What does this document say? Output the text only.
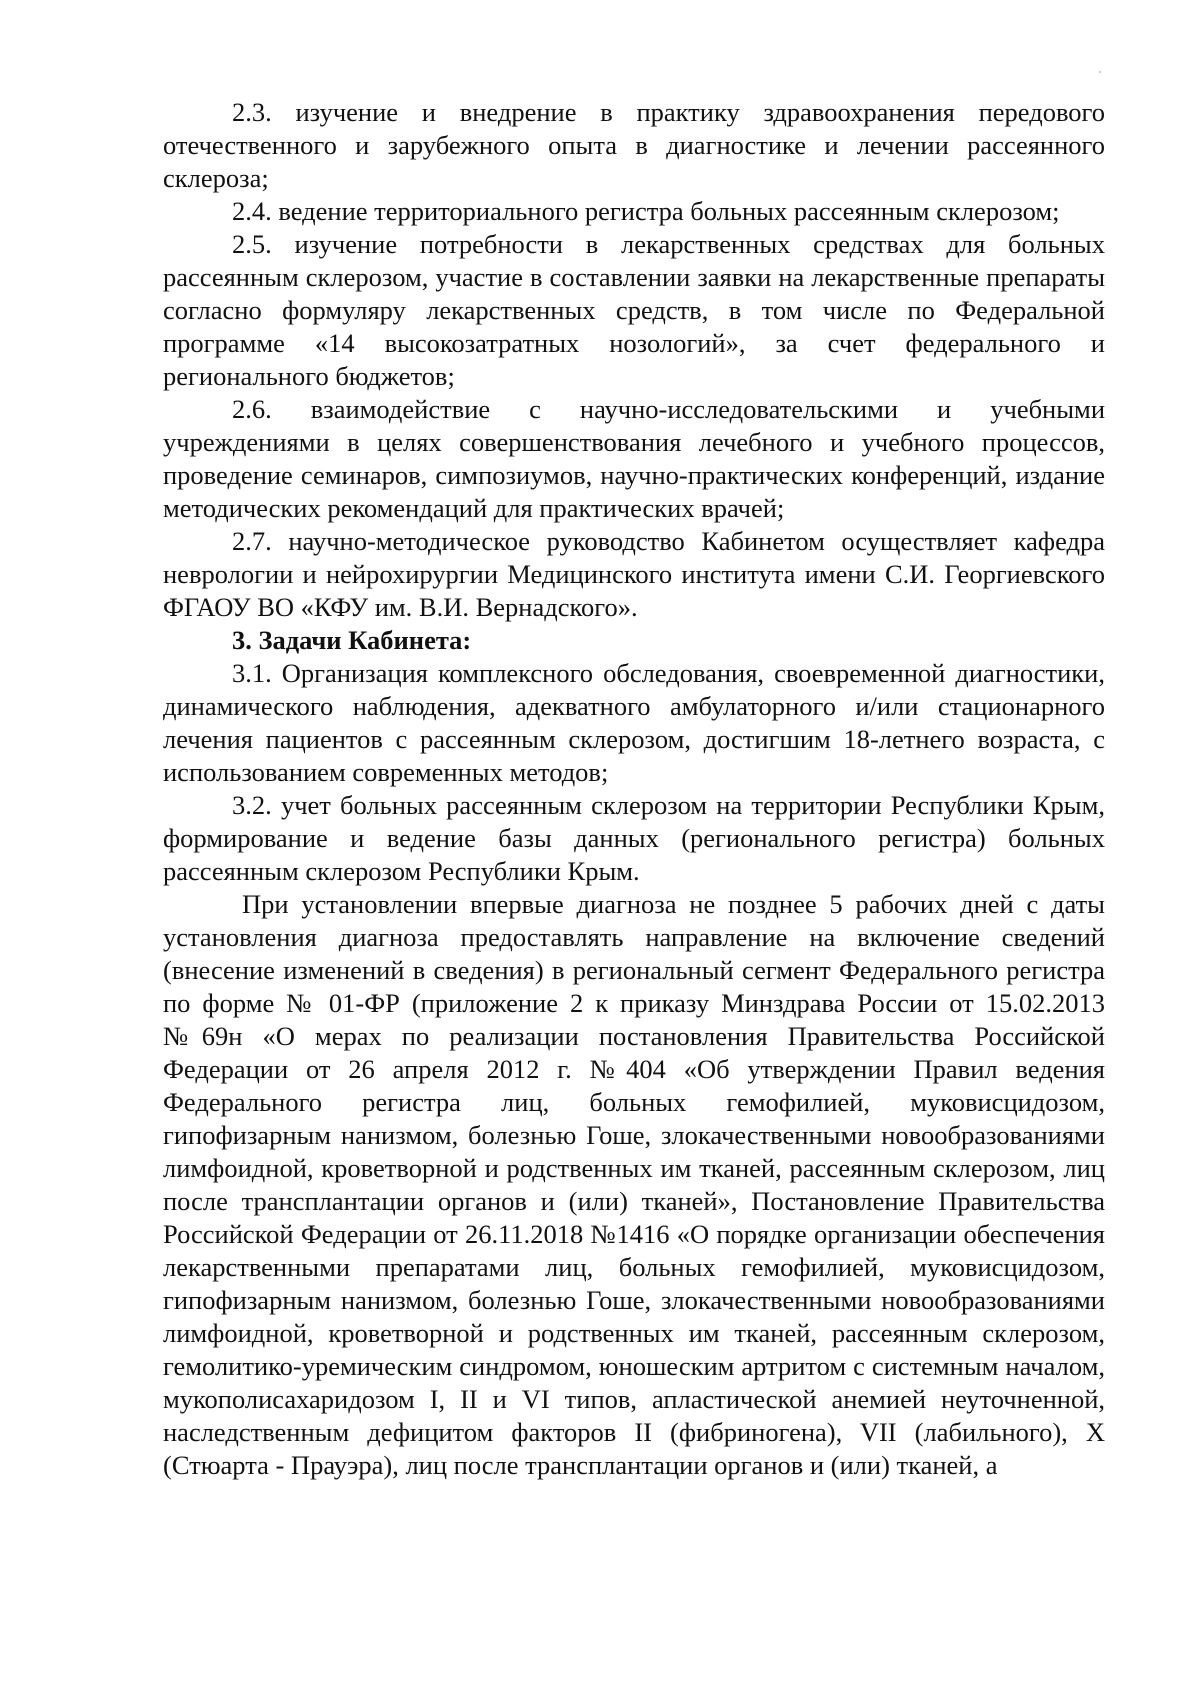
2.3. изучение и внедрение в практику здравоохранения передового отечественного и зарубежного опыта в диагностике и лечении рассеянного склероза;

2.4. ведение территориального регистра больных рассеянным склерозом;

2.5. изучение потребности в лекарственных средствах для больных рассеянным склерозом, участие в составлении заявки на лекарственные препараты согласно формуляру лекарственных средств, в том числе по Федеральной программе «14 высокозатратных нозологий», за счет федерального и регионального бюджетов;

2.6. взаимодействие с научно-исследовательскими и учебными учреждениями в целях совершенствования лечебного и учебного процессов, проведение семинаров, симпозиумов, научно-практических конференций, издание методических рекомендаций для практических врачей;

2.7. научно-методическое руководство Кабинетом осуществляет кафедра неврологии и нейрохирургии Медицинского института имени С.И. Георгиевского ФГАОУ ВО «КФУ им. В.И. Вернадского».

3. Задачи Кабинета:

3.1. Организация комплексного обследования, своевременной диагностики, динамического наблюдения, адекватного амбулаторного и/или стационарного лечения пациентов с рассеянным склерозом, достигшим 18-летнего возраста, с использованием современных методов;

3.2. учет больных рассеянным склерозом на территории Республики Крым, формирование и ведение базы данных (регионального регистра) больных рассеянным склерозом Республики Крым.

При установлении впервые диагноза не позднее 5 рабочих дней с даты установления диагноза предоставлять направление на включение сведений (внесение изменений в сведения) в региональный сегмент Федерального регистра по форме № 01-ФР (приложение 2 к приказу Минздрава России от 15.02.2013 №69н «О мерах по реализации постановления Правительства Российской Федерации от 26 апреля 2012 г. №404 «Об утверждении Правил ведения Федерального регистра лиц, больных гемофилией, муковисцидозом, гипофизарным нанизмом, болезнью Гоше, злокачественными новообразованиями лимфоидной, кроветворной и родственных им тканей, рассеянным склерозом, лиц после трансплантации органов и (или) тканей», Постановление Правительства Российской Федерации от 26.11.2018 №1416 «О порядке организации обеспечения лекарственными препаратами лиц, больных гемофилией, муковисцидозом, гипофизарным нанизмом, болезнью Гоше, злокачественными новообразованиями лимфоидной, кроветворной и родственных им тканей, рассеянным склерозом, гемолитико-уремическим синдромом, юношеским артритом с системным началом, мукополисахаридозом I, II и VI типов, апластической анемией неуточненной, наследственным дефицитом факторов II (фибриногена), VII (лабильного), X (Стюарта - Прауэра), лиц после трансплантации органов и (или) тканей, а
